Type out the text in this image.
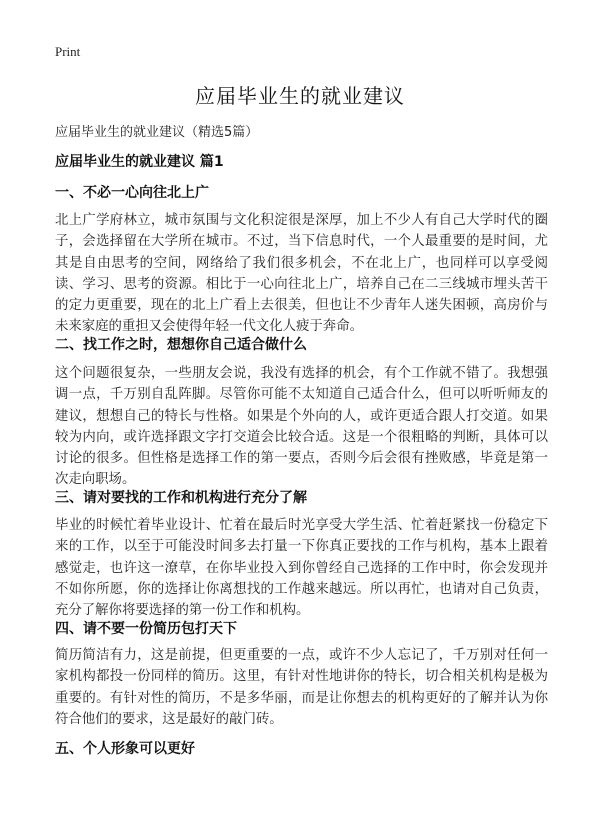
Print
应届毕业生的就业建议
应届毕业生的就业建议（精选5篇）
应届毕业生的就业建议 篇1
一、不必一心向往北上广

北上广学府林立，城市氛围与文化积淀很是深厚，加上不少人有自己大学时代的圈子，会选择留在大学所在城市。不过，当下信息时代，一个人最重要的是时间，尤其是自由思考的空间，网络给了我们很多机会，不在北上广，也同样可以享受阅读、学习、思考的资源。相比于一心向往北上广，培养自己在二三线城市埋头苦干的定力更重要，现在的北上广看上去很美，但也让不少青年人迷失困顿，高房价与未来家庭的重担又会使得年轻一代文化人疲于奔命。

二、找工作之时，想想你自己适合做什么

这个问题很复杂，一些朋友会说，我没有选择的机会，有个工作就不错了。我想强调一点，千万别自乱阵脚。尽管你可能不太知道自己适合什么，但可以听听师友的建议，想想自己的特长与性格。如果是个外向的人，或许更适合跟人打交道。如果较为内向，或许选择跟文字打交道会比较合适。这是一个很粗略的判断，具体可以讨论的很多。但性格是选择工作的第一要点，否则今后会很有挫败感，毕竟是第一次走向职场。

三、请对要找的工作和机构进行充分了解

毕业的时候忙着毕业设计、忙着在最后时光享受大学生活、忙着赶紧找一份稳定下来的工作，以至于可能没时间多去打量一下你真正要找的工作与机构，基本上跟着感觉走，也许这一潦草，在你毕业投入到你曾经自己选择的工作中时，你会发现并不如你所愿，你的选择让你离想找的工作越来越远。所以再忙，也请对自己负责，充分了解你将要选择的第一份工作和机构。

四、请不要一份简历包打天下

简历简洁有力，这是前提，但更重要的一点，或许不少人忘记了，千万别对任何一家机构都投一份同样的简历。这里，有针对性地讲你的特长，切合相关机构是极为重要的。有针对性的简历，不是多华丽，而是让你想去的机构更好的了解并认为你符合他们的要求，这是最好的敲门砖。

五、个人形象可以更好
